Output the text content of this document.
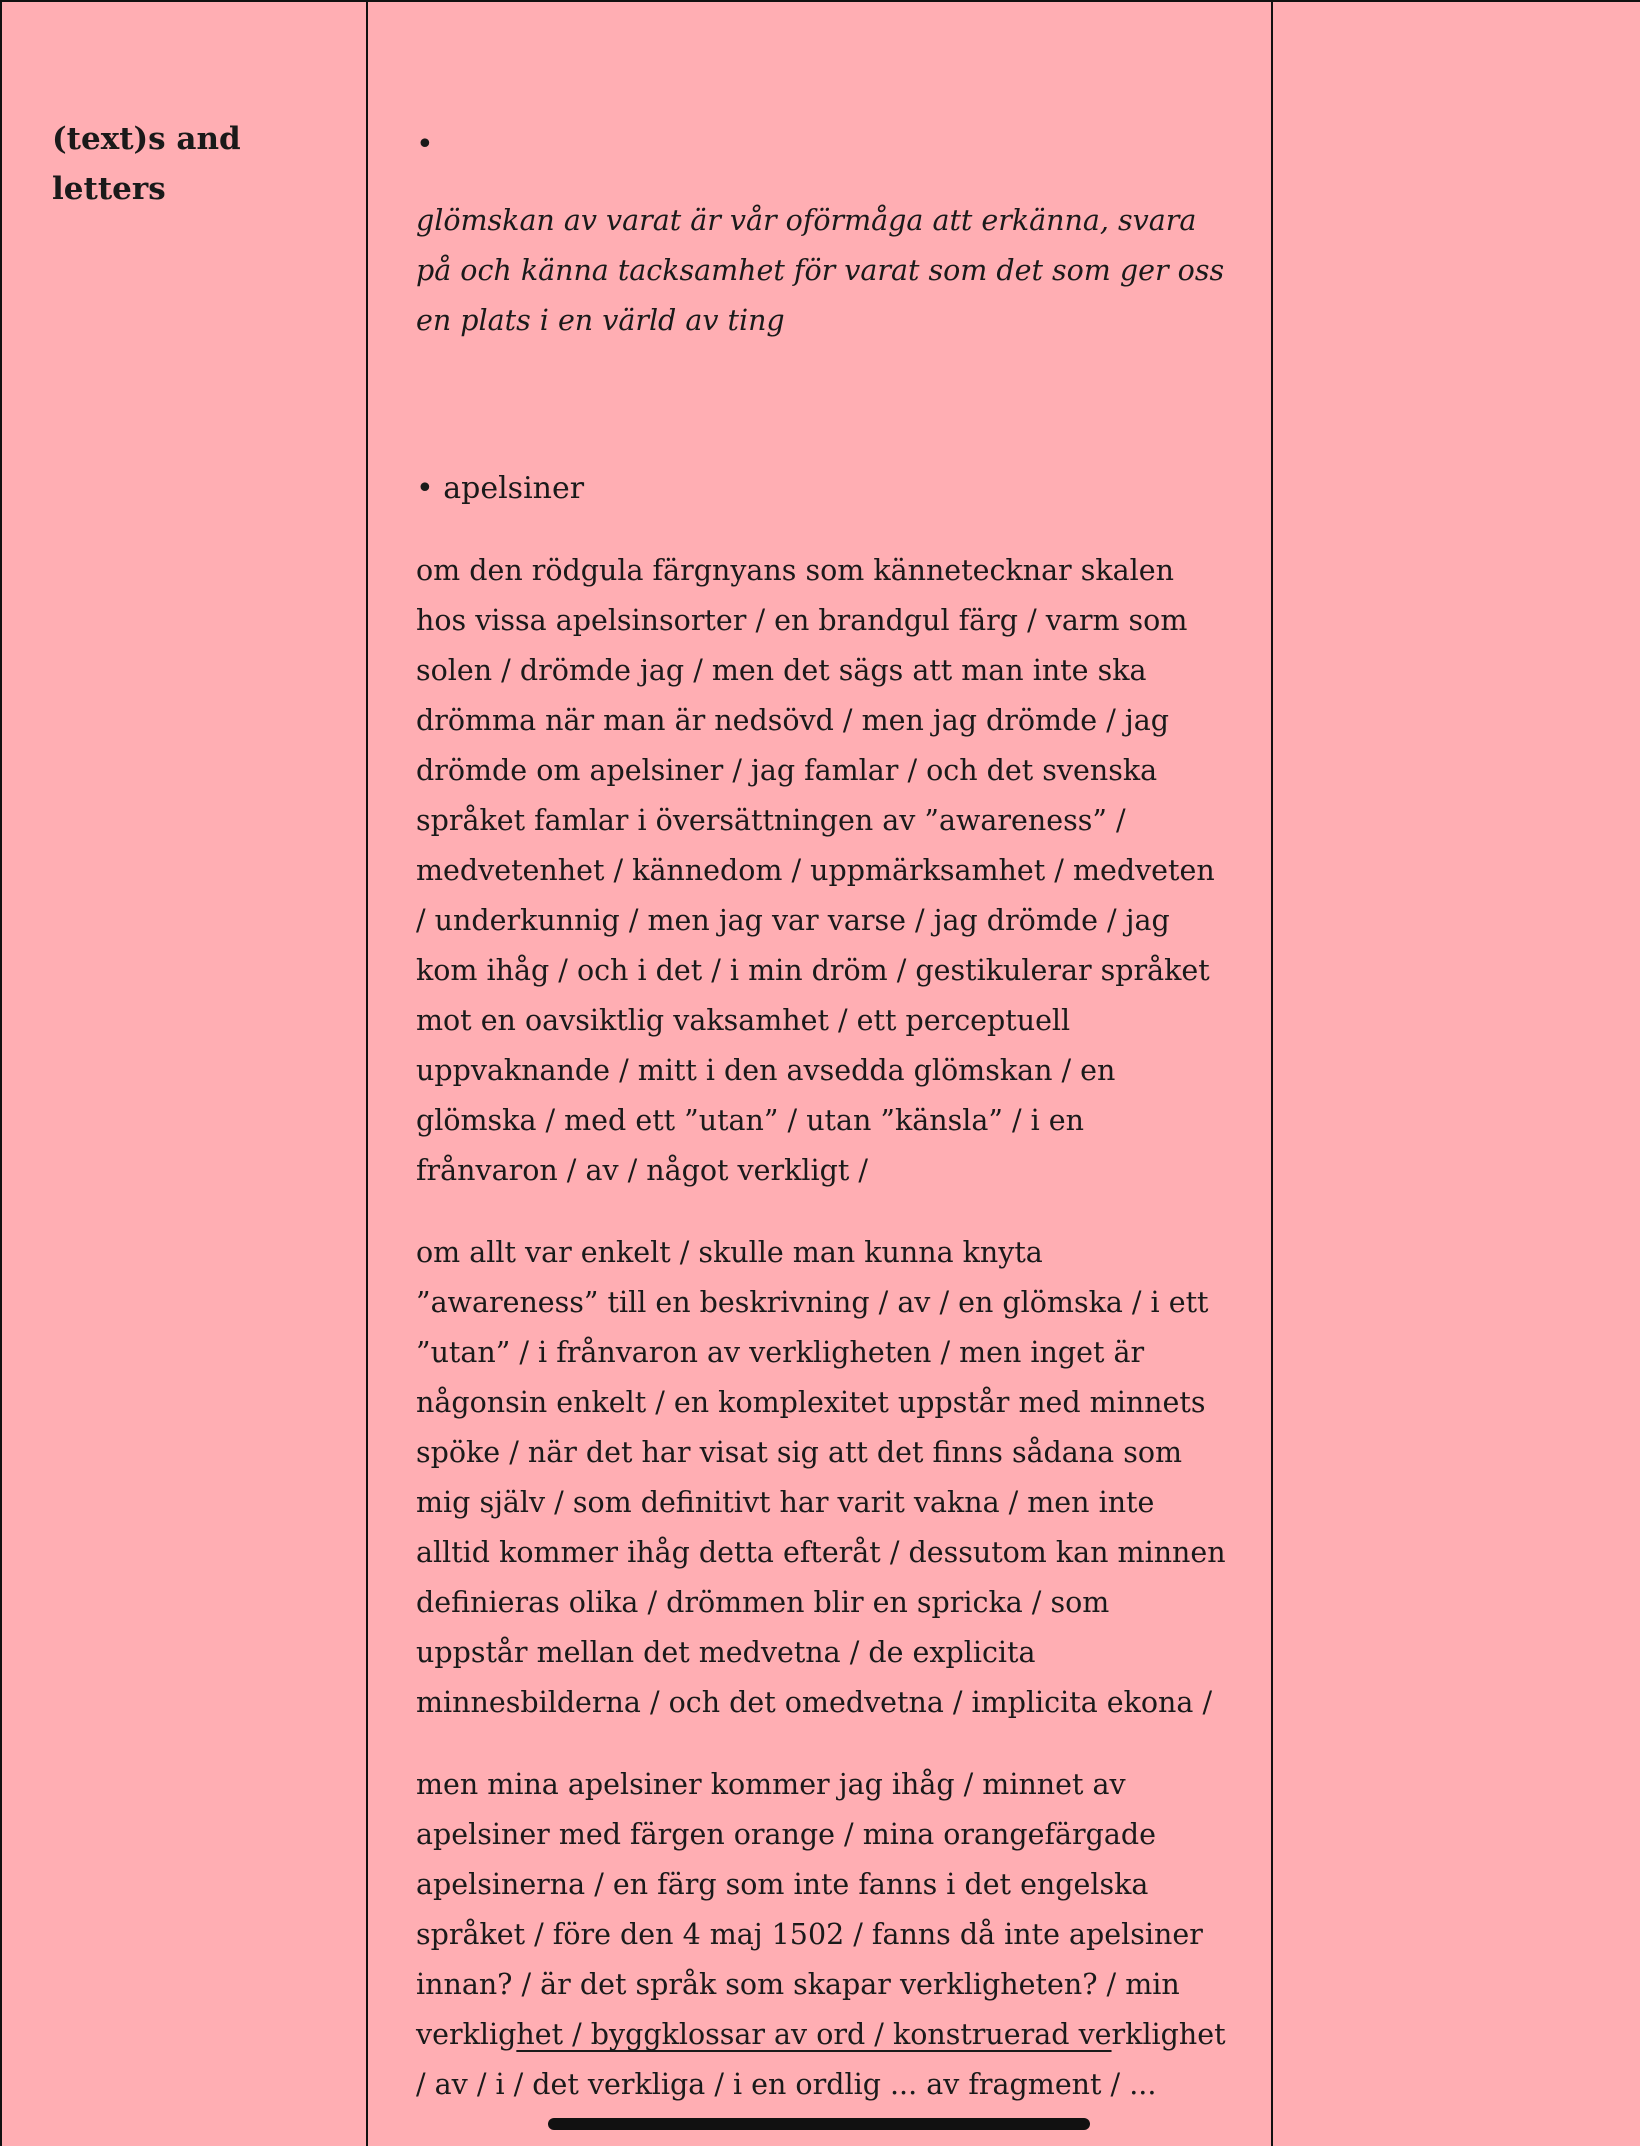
(text)s and letters

•

glömskan av varat är vår oförmåga att erkänna, svara på och känna tacksamhet för varat som det som ger oss en plats i en värld av ting

• apelsiner

om den rödgula färgnyans som kännetecknar skalen hos vissa apelsinsorter / en brandgul färg / varm som solen / drömde jag / men det sägs att man inte ska drömma när man är nedsövd / men jag drömde / jag drömde om apelsiner / jag famlar / och det svenska språket famlar i översättningen av ”awareness” / medvetenhet / kännedom / uppmärksamhet / medveten / underkunnig / men jag var varse / jag drömde / jag kom ihåg / och i det / i min dröm / gestikulerar språket mot en oavsiktlig vaksamhet / ett perceptuell uppvaknande / mitt i den avsedda glömskan / en glömska / med ett ”utan” / utan ”känsla” / i en frånvaron / av / något verkligt /

om allt var enkelt / skulle man kunna knyta ”awareness” till en beskrivning / av / en glömska / i ett ”utan” / i frånvaron av verkligheten / men inget är någonsin enkelt / en komplexitet uppstår med minnets spöke / när det har visat sig att det finns sådana som mig själv / som definitivt har varit vakna / men inte alltid kommer ihåg detta efteråt / dessutom kan minnen definieras olika / drömmen blir en spricka / som uppstår mellan det medvetna / de explicita minnesbilderna / och det omedvetna / implicita ekona /

men mina apelsiner kommer jag ihåg / minnet av apelsiner med färgen orange / mina orangefärgade apelsinerna / en färg som inte fanns i det engelska språket / före den 4 maj 1502 / fanns då inte apelsiner innan? / är det språk som skapar verkligheten? / min verklighet / byggklossar av ord / konstruerad verklighet / av / i / det verkliga / i en ordlig ... av fragment / ...
